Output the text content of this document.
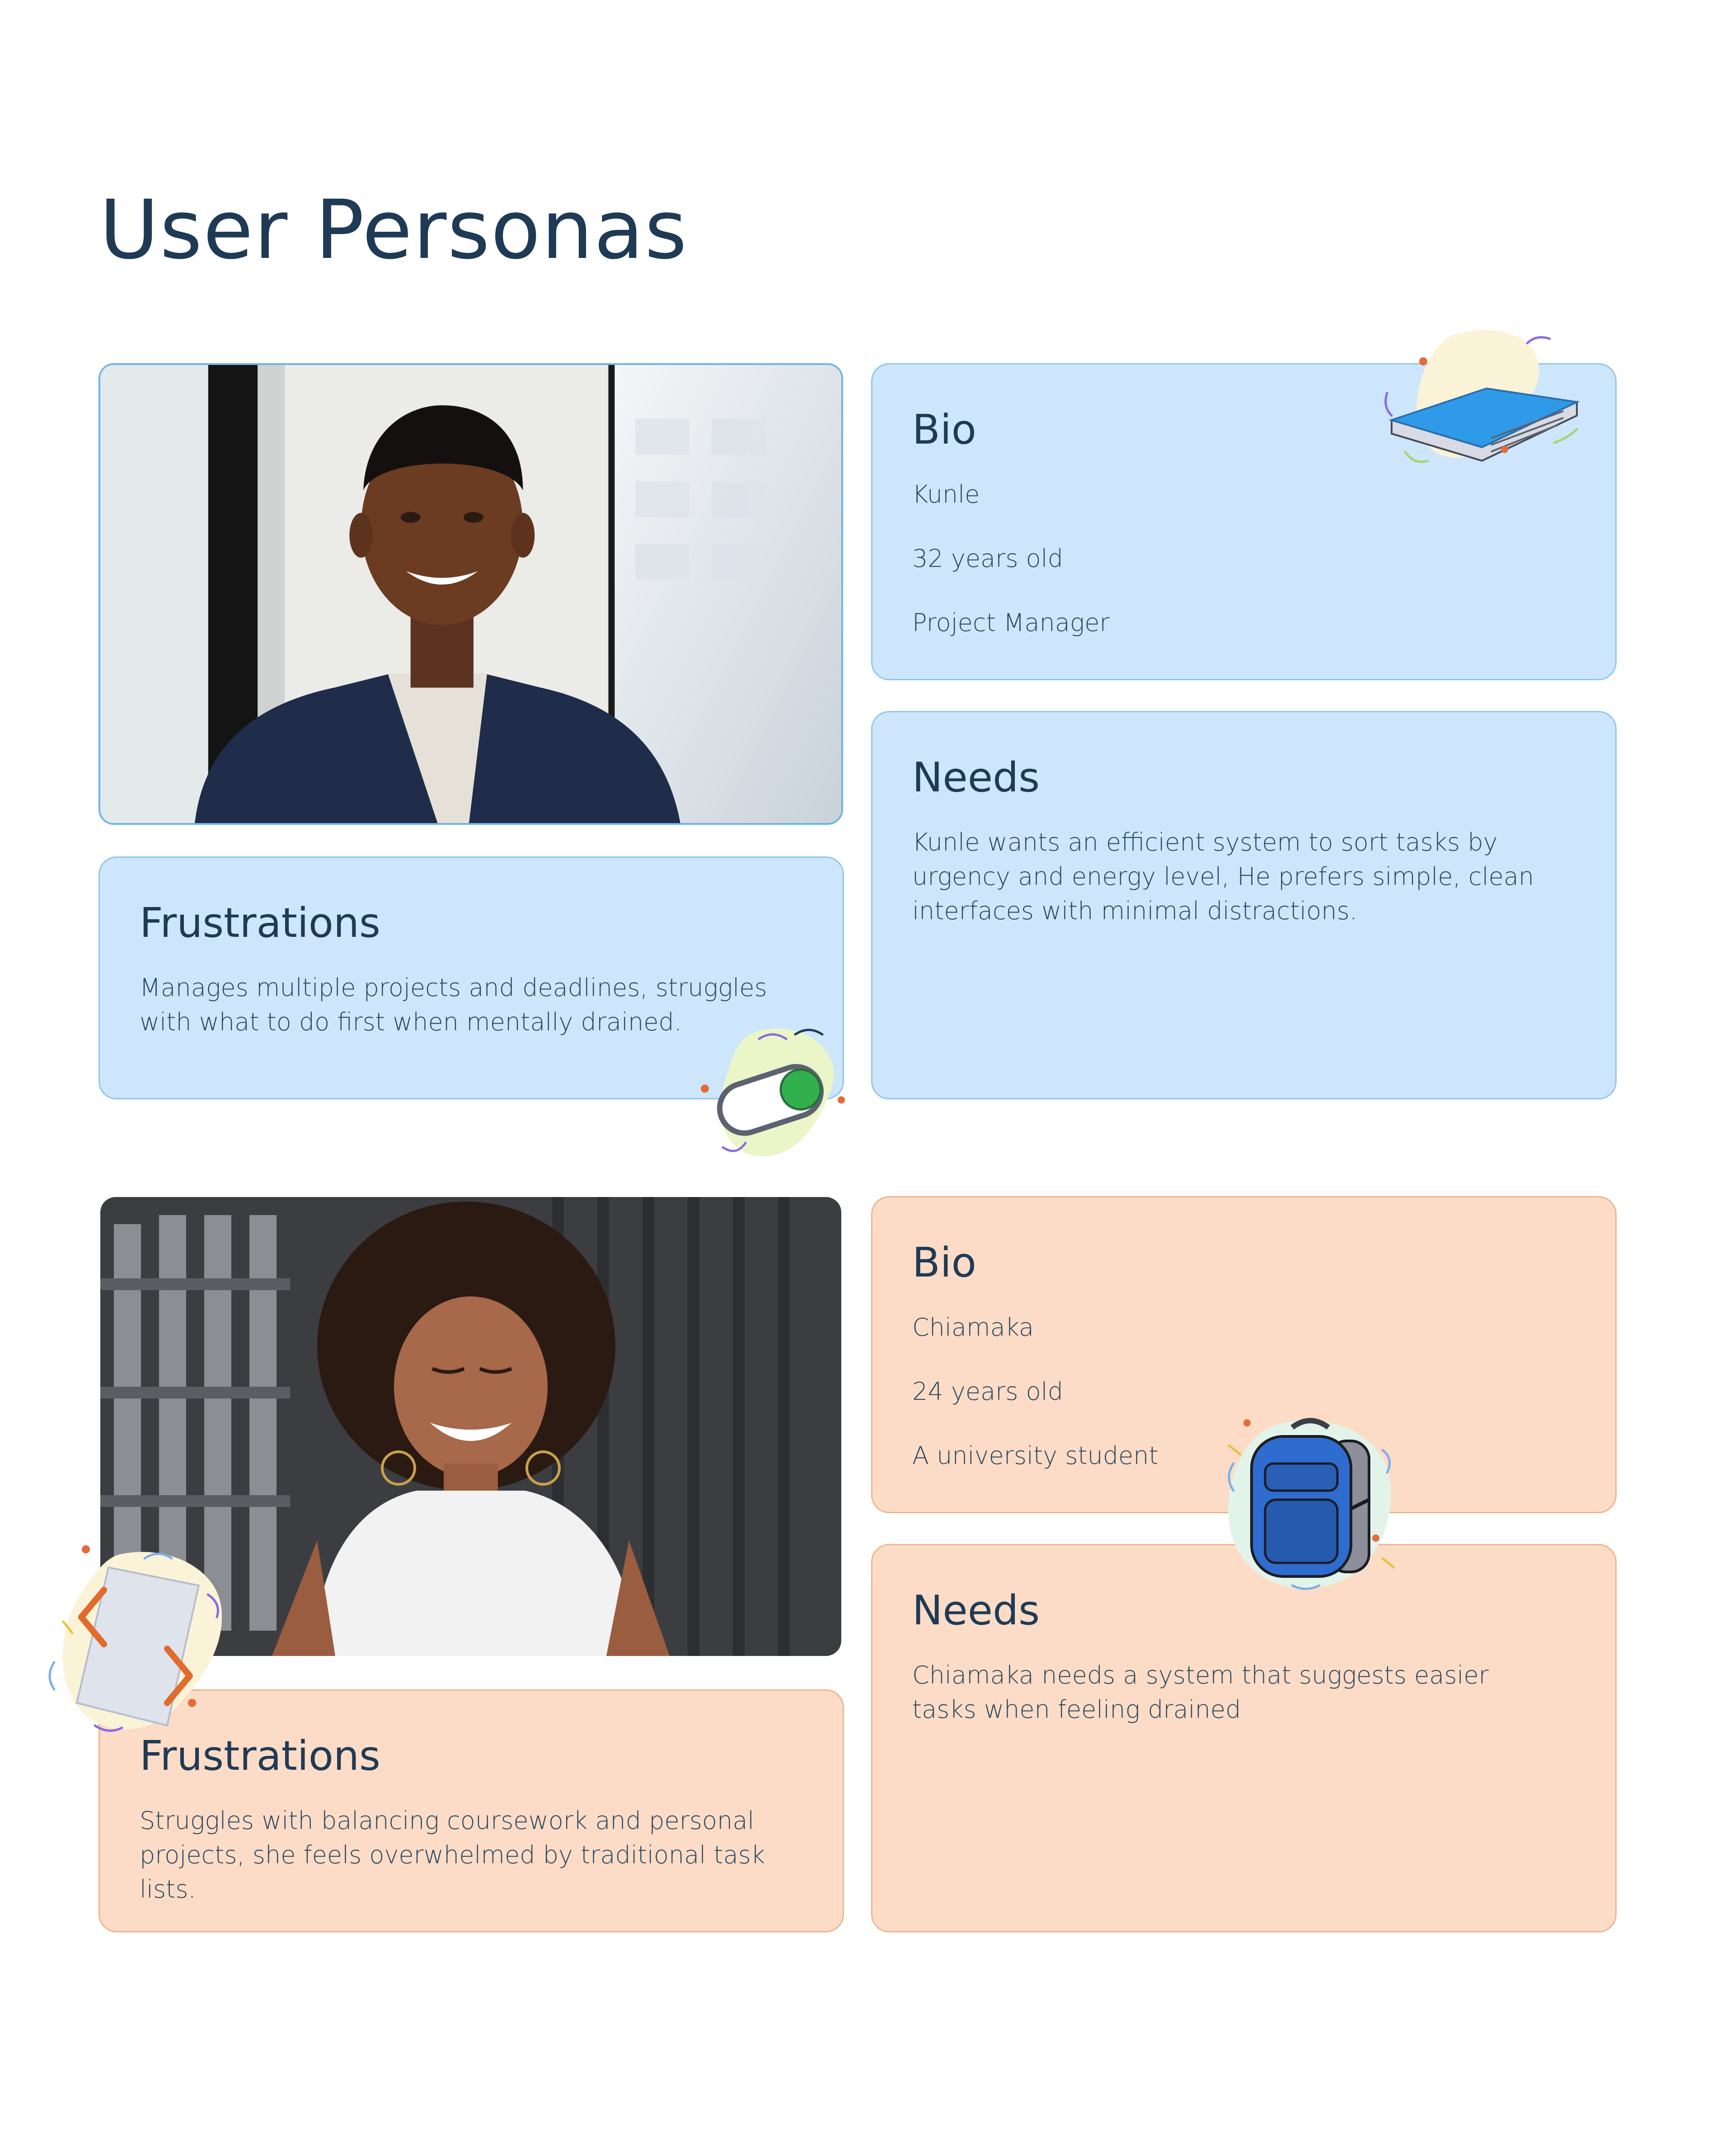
User Personas
Bio

Kunle

32 years old

Project Manager

Needs

Kunle wants an efficient system to sort tasks by urgency and energy level, He prefers simple, clean interfaces with minimal distractions.

Frustrations

Manages multiple projects and deadlines, struggles with what to do first when mentally drained.

Bio

Chiamaka

24 years old

A university student

Needs

Chiamaka needs a system that suggests easier tasks when feeling drained

Frustrations

Struggles with balancing coursework and personal projects, she feels overwhelmed by traditional task lists.
